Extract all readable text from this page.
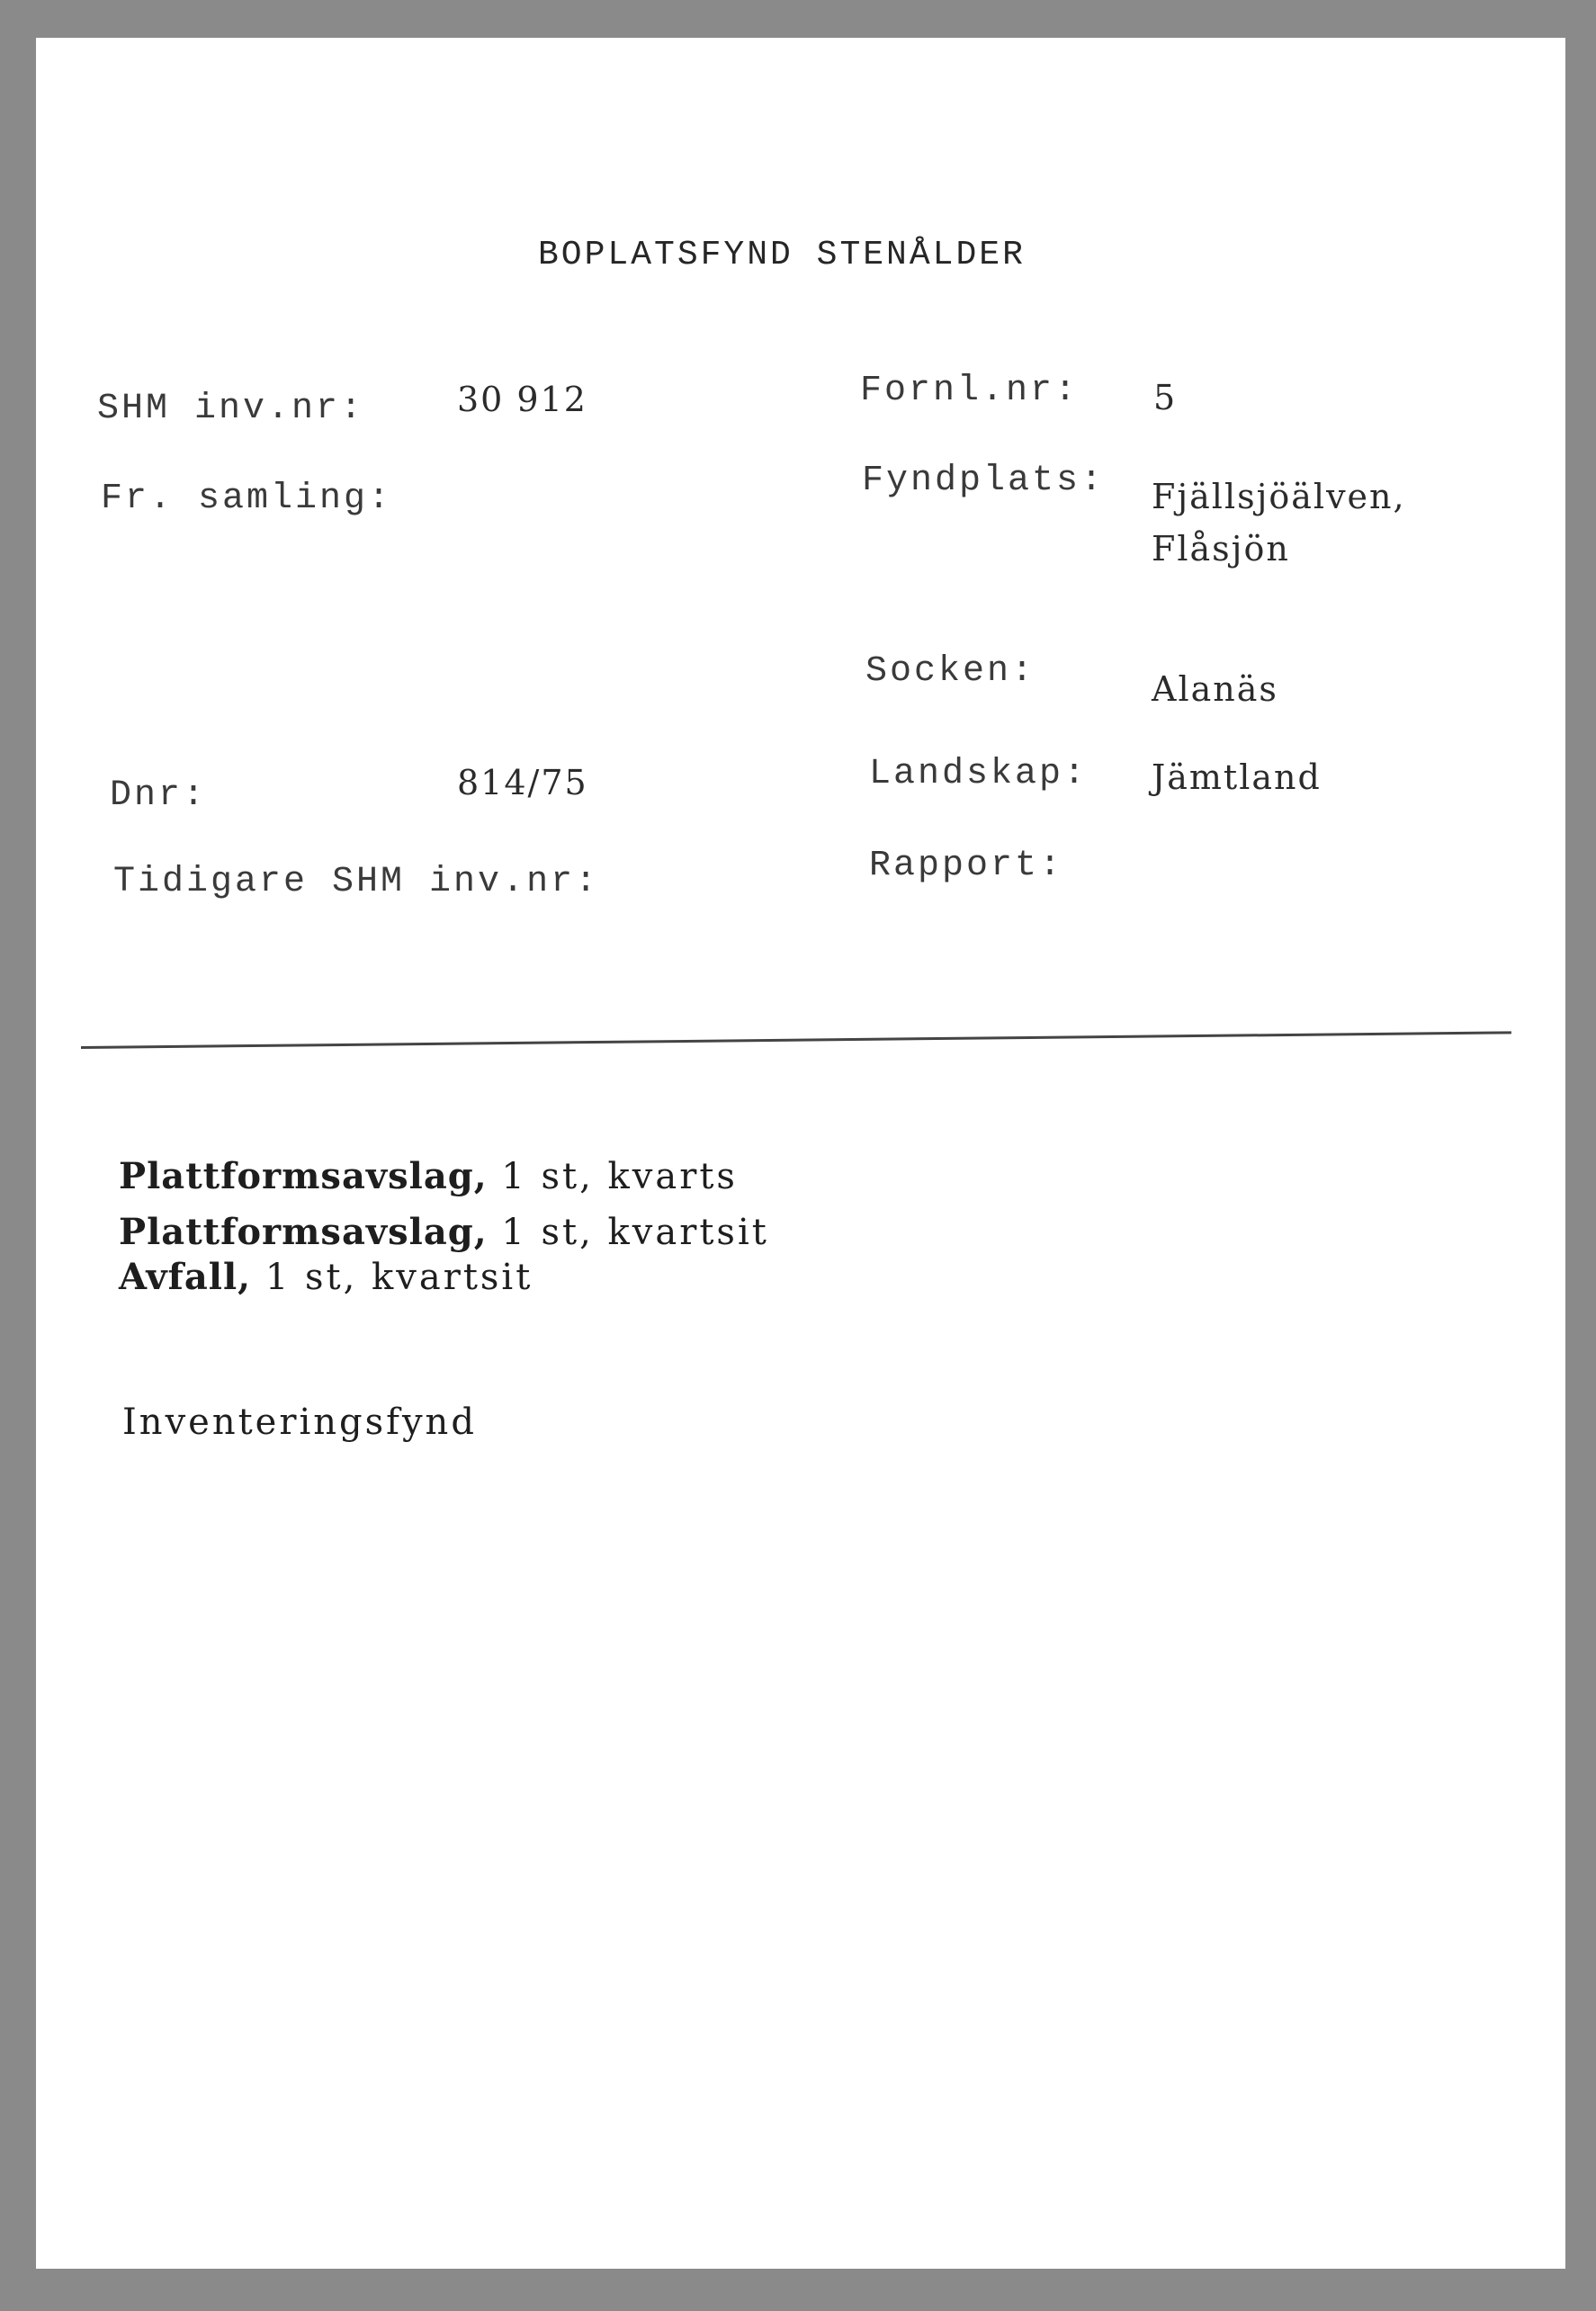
BOPLATSFYND STENÅLDER
SHM inv.nr:	30 912
Fr. samling:
Dnr:	814/75
Tidigare SHM inv.nr:
Fornl.nr: 5
Fyndplats: Fjällsjöälven,
Flåsjön
Socken:	Alanäs
Landskap: Jämtland
Rapport:
Plattformsavslag, 1 st, kvarts
Plattformsavslag, 1 st, kvartsit
Avfall, 1 st, kvartsit
Inventeringsfynd
